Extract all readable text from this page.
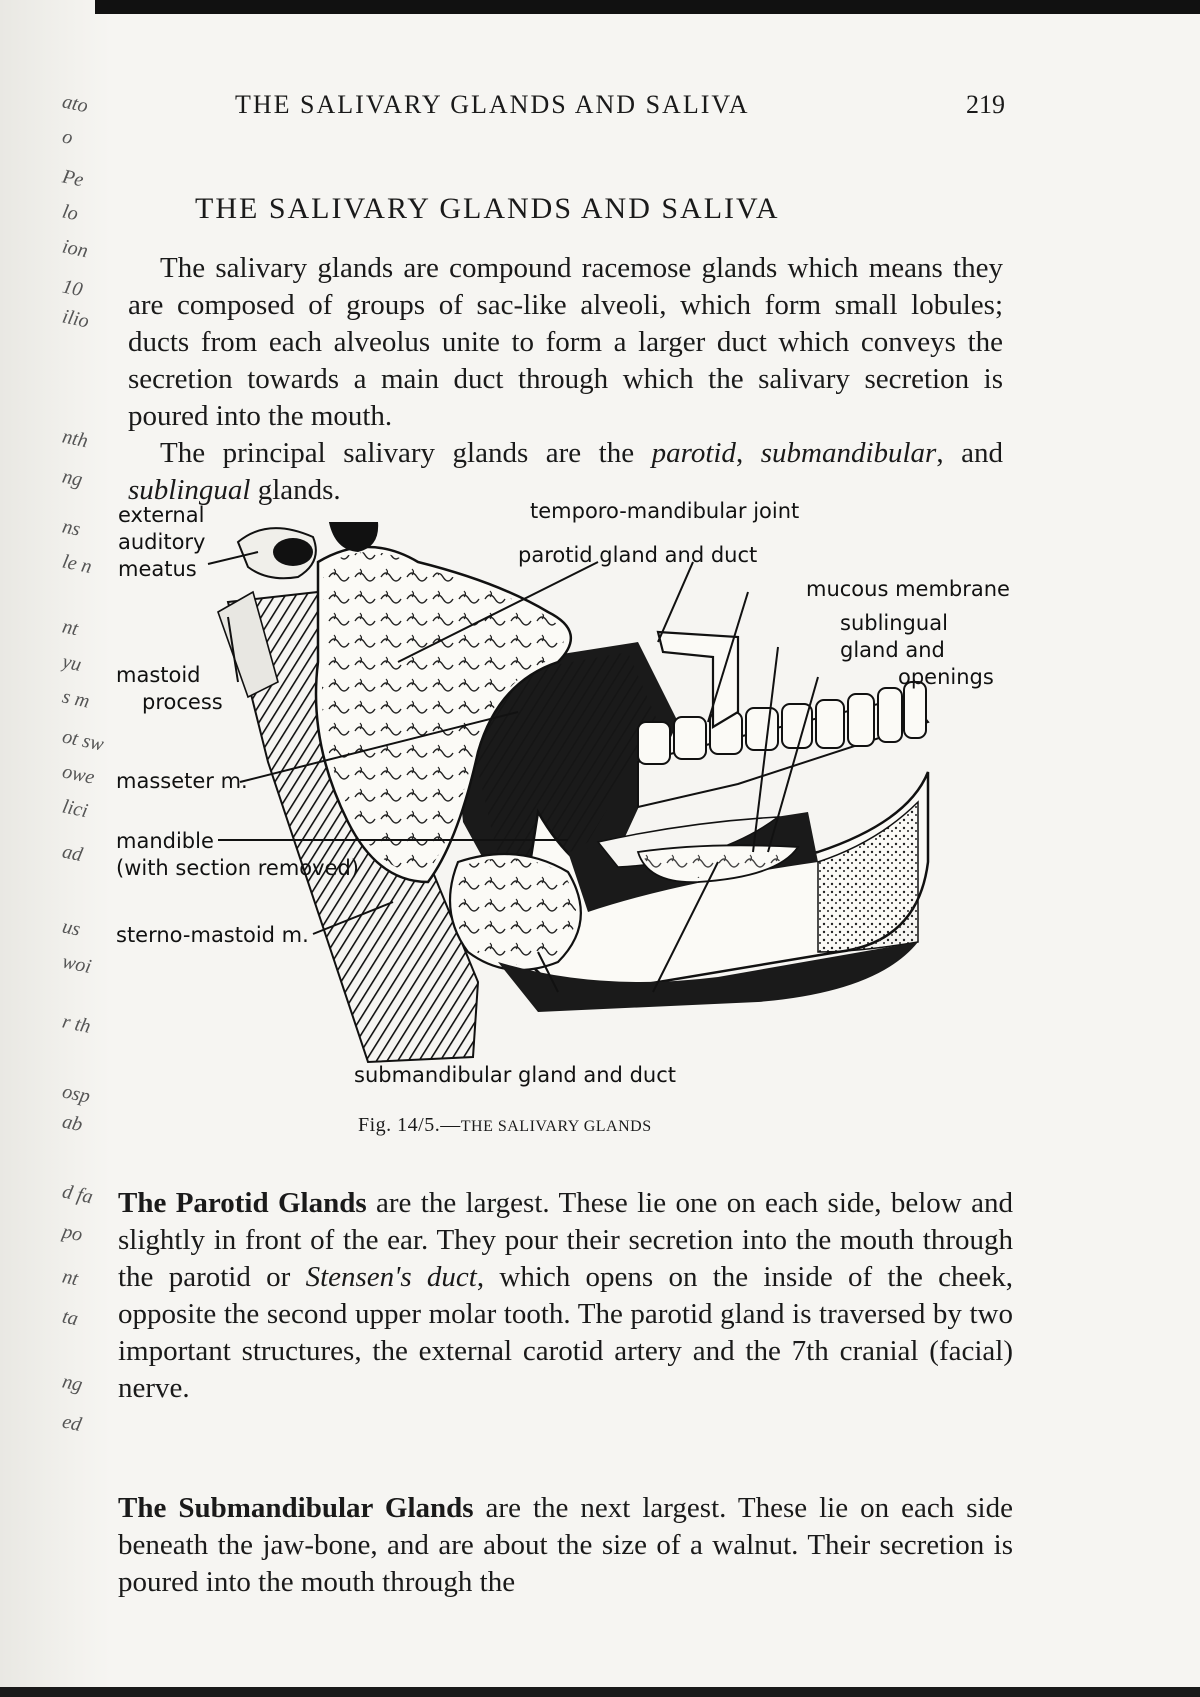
ato
o
Pe
lo
ion
10
ilio
nth
ng
ns
le n
nt
yu
s m
ot sw
owe
lici
ad
us
woi
r th
osp
ab
d fa
po
nt
ta
ng
ed
THE SALIVARY GLANDS AND SALIVA	219
THE SALIVARY GLANDS AND SALIVA

The salivary glands are compound racemose glands which means they are composed of groups of sac-like alveoli, which form small lobules; ducts from each alveolus unite to form a larger duct which conveys the secretion towards a main duct through which the salivary secretion is poured into the mouth.

The principal salivary glands are the parotid, submandibular, and sublingual glands.

external
auditory
meatus
mastoid
process
masseter m.
mandible
(with section removed)
sterno-mastoid m.
temporo-mandibular joint
parotid gland and duct
mucous membrane
sublingual
gland and
openings
submandibular gland and duct
Fig. 14/5.—THE SALIVARY GLANDS

The Parotid Glands are the largest. These lie one on each side, below and slightly in front of the ear. They pour their secretion into the mouth through the parotid or Stensen's duct, which opens on the inside of the cheek, opposite the second upper molar tooth. The parotid gland is traversed by two important structures, the external carotid artery and the 7th cranial (facial) nerve.

The Submandibular Glands are the next largest. These lie on each side beneath the jaw-bone, and are about the size of a walnut. Their secretion is poured into the mouth through the
